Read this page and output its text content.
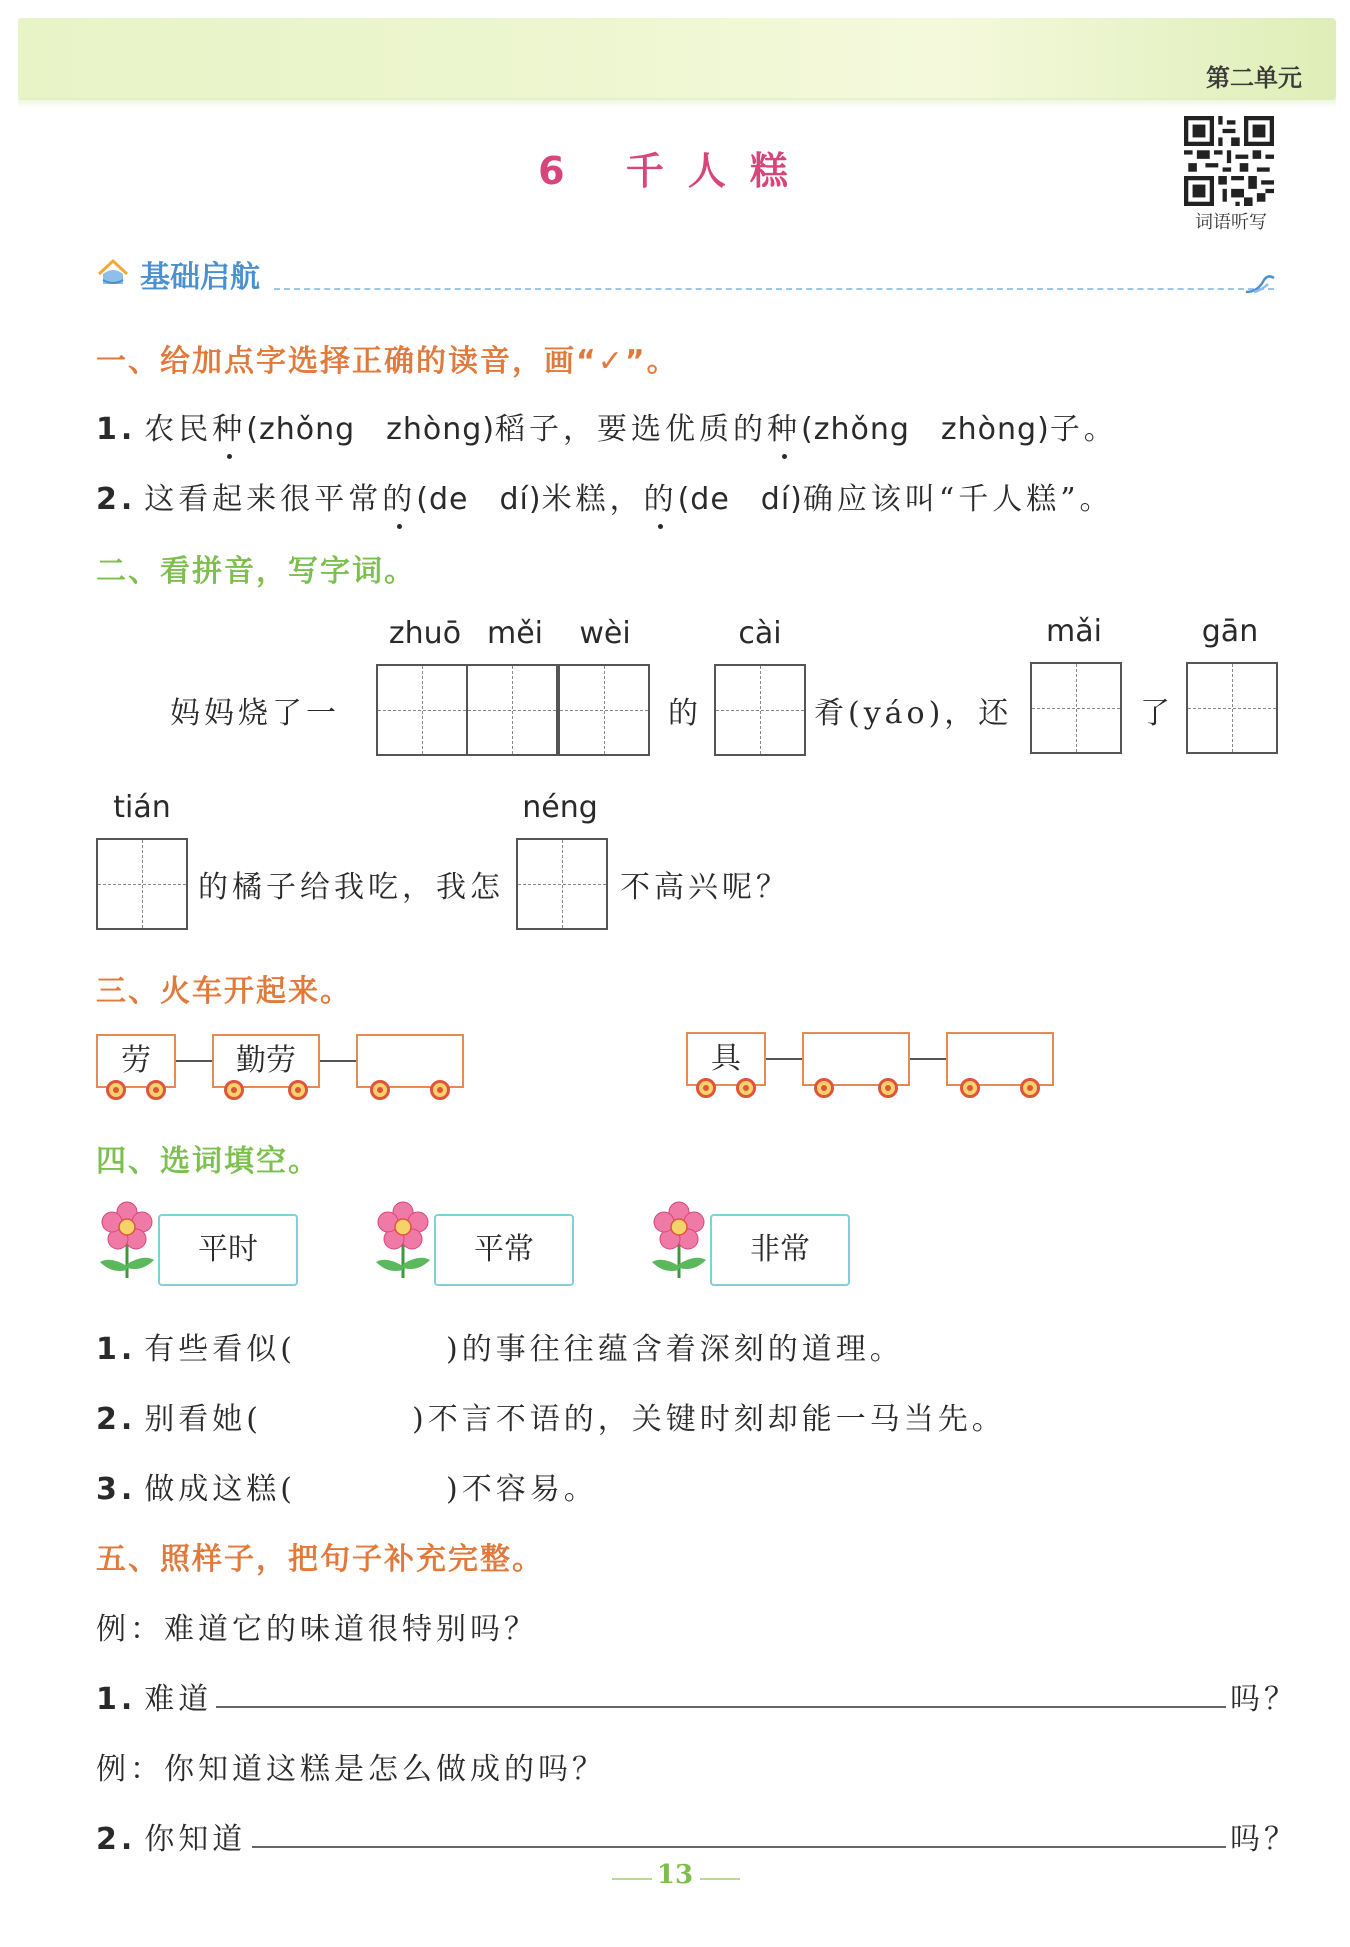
第二单元
6 千人糕
词语听写
基础启航
一、给加点字选择正确的读音，画“✓”。
1. 农民种(zhǒng　zhòng)稻子，要选优质的种(zhǒng　zhòng)子。
2. 这看起来很平常的(de　dí)米糕，的(de　dí)确应该叫“千人糕”。
二、看拼音，写字词。
zhuō měi	wèi	cài	mǎi	gān
妈妈烧了一	的	肴(yáo)，还	了
tián	néng
的橘子给我吃，我怎	不高兴呢？
三、火车开起来。
劳	勤劳	具
四、选词填空。
平时	平常	非常
1. 有些看似(	)的事往往蕴含着深刻的道理。
2. 别看她(	)不言不语的，关键时刻却能一马当先。
3. 做成这糕(	)不容易。
五、照样子，把句子补充完整。
例：难道它的味道很特别吗？
1. 难道	吗？
例：你知道这糕是怎么做成的吗？
2. 你知道	吗？
13
